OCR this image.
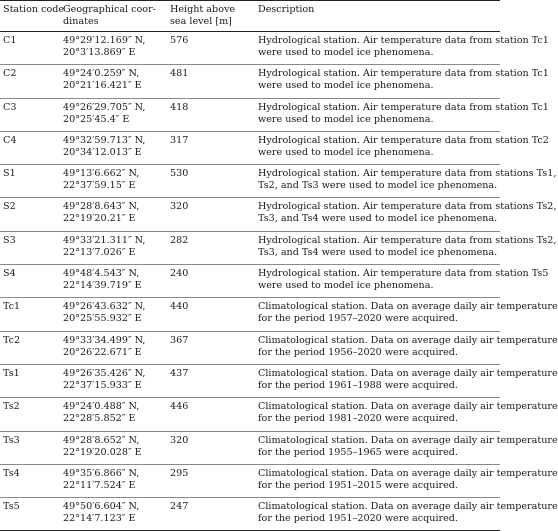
Station code	Geographical coor-
dinates	Height above
sea level [m]	Description

C1	49°29′12.169″ N,
20°3′13.869″ E	576	Hydrological station. Air temperature data from station Tc1
were used to model ice phenomena.

C2	49°24′0.259″ N,
20°21′16.421″ E	481	Hydrological station. Air temperature data from station Tc1
were used to model ice phenomena.

C3	49°26′29.705″ N,
20°25′45.4″ E	418	Hydrological station. Air temperature data from station Tc1
were used to model ice phenomena.

C4	49°32′59.713″ N,
20°34′12.013″ E	317	Hydrological station. Air temperature data from station Tc2
were used to model ice phenomena.

S1	49°13′6.662″ N,
22°37′59.15″ E	530	Hydrological station. Air temperature data from stations Ts1,
Ts2, and Ts3 were used to model ice phenomena.

S2	49°28′8.643″ N,
22°19′20.21″ E	320	Hydrological station. Air temperature data from stations Ts2,
Ts3, and Ts4 were used to model ice phenomena.

S3	49°33′21.311″ N,
22°13′7.026″ E	282	Hydrological station. Air temperature data from stations Ts2,
Ts3, and Ts4 were used to model ice phenomena.

S4	49°48′4.543″ N,
22°14′39.719″ E	240	Hydrological station. Air temperature data from station Ts5
were used to model ice phenomena.

Tc1	49°26′43.632″ N,
20°25′55.932″ E	440	Climatological station. Data on average daily air temperature
for the period 1957–2020 were acquired.

Tc2	49°33′34.499″ N,
20°26′22.671″ E	367	Climatological station. Data on average daily air temperature
for the period 1956–2020 were acquired.

Ts1	49°26′35.426″ N,
22°37′15.933″ E	437	Climatological station. Data on average daily air temperature
for the period 1961–1988 were acquired.

Ts2	49°24′0.488″ N,
22°28′5.852″ E	446	Climatological station. Data on average daily air temperature
for the period 1981–2020 were acquired.

Ts3	49°28′8.652″ N,
22°19′20.028″ E	320	Climatological station. Data on average daily air temperature
for the period 1955–1965 were acquired.

Ts4	49°35′6.866″ N,
22°11′7.524″ E	295	Climatological station. Data on average daily air temperature
for the period 1951–2015 were acquired.

Ts5	49°50′6.604″ N,
22°14′7.123″ E	247	Climatological station. Data on average daily air temperature
for the period 1951–2020 were acquired.
